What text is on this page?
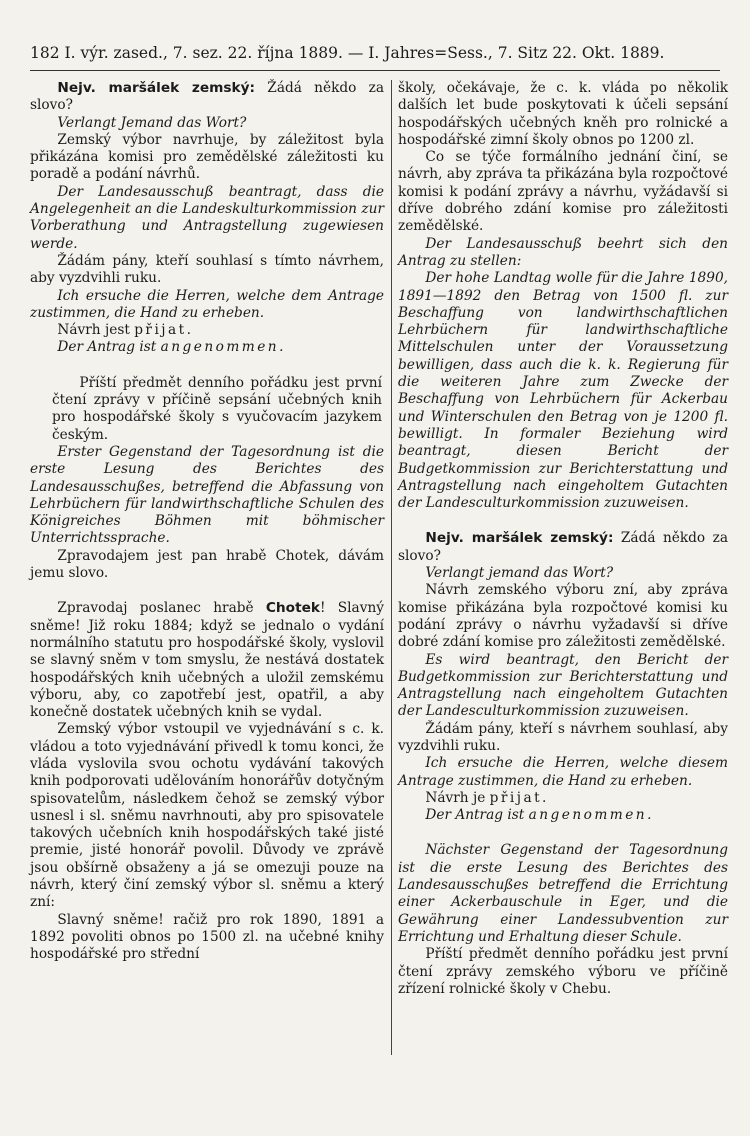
182 I. výr. zased., 7. sez. 22. října 1889. — I. Jahres=Sess., 7. Sitz 22. Okt. 1889.

Nejv. maršálek zemský: Žádá někdo za slovo?

Verlangt Jemand das Wort?

Zemský výbor navrhuje, by záležitost byla přikázána komisi pro zemědělské záležitosti ku poradě a podání návrhů.

Der Landesausschuß beantragt, dass die Angelegenheit an die Landeskulturkommission zur Vorberathung und Antragstellung zugewiesen werde.

Žádám pány, kteří souhlasí s tímto návrhem, aby vyzdvihli ruku.

Ich ersuche die Herren, welche dem Antrage zustimmen, die Hand zu erheben.

Návrh jest přijat.

Der Antrag ist angenommen.

Příští předmět denního pořádku jest první čtení zprávy v příčině sepsání učebných knih pro hospodářské školy s vyučovacím jazykem českým.

Erster Gegenstand der Tagesordnung ist die erste Lesung des Berichtes des Landesausschußes, betreffend die Abfassung von Lehrbüchern für landwirthschaftliche Schulen des Königreiches Böhmen mit böhmischer Unterrichtssprache.

Zpravodajem jest pan hrabě Chotek, dávám jemu slovo.

Zpravodaj poslanec hrabě Chotek! Slavný sněme! Již roku 1884; když se jednalo o vydání normálního statutu pro hospodářské školy, vyslovil se slavný sněm v tom smyslu, že nestává dostatek hospodářských knih učebných a uložil zemskému výboru, aby, co zapotřebí jest, opatřil, a aby konečně dostatek učebných knih se vydal.

Zemský výbor vstoupil ve vyjednávání s c. k. vládou a toto vyjednávání přivedl k tomu konci, že vláda vyslovila svou ochotu vydávání takových knih podporovati udělováním honorářův dotyčným spisovatelům, následkem čehož se zemský výbor usnesl i sl. sněmu navrhnouti, aby pro spisovatele takových učebních knih hospodářských také jisté premie, jisté honorář povolil. Důvody ve zprávě jsou obšírně obsaženy a já se omezuji pouze na návrh, který činí zemský výbor sl. sněmu a který zní:

Slavný sněme! račiž pro rok 1890, 1891 a 1892 povoliti obnos po 1500 zl. na učebné knihy hospodářské pro střední

školy, očekávaje, že c. k. vláda po několik dalších let bude poskytovati k účeli sepsání hospodářských učebných kněh pro rolnické a hospodářské zimní školy obnos po 1200 zl.

Co se týče formálního jednání činí, se návrh, aby zpráva ta přikázána byla rozpočtové komisi k podání zprávy a návrhu, vyžádavší si dříve dobrého zdání komise pro záležitosti zemědělské.

Der Landesausschuß beehrt sich den Antrag zu stellen:

Der hohe Landtag wolle für die Jahre 1890, 1891—1892 den Betrag von 1500 fl. zur Beschaffung von landwirthschaftlichen Lehrbüchern für landwirthschaftliche Mittelschulen unter der Voraussetzung bewilligen, dass auch die k. k. Regierung für die weiteren Jahre zum Zwecke der Beschaffung von Lehrbüchern für Ackerbau und Winterschulen den Betrag von je 1200 fl. bewilligt. In formaler Beziehung wird beantragt, diesen Bericht der Budgetkommission zur Berichterstattung und Antragstellung nach eingeholtem Gutachten der Landesculturkommission zuzuweisen.

Nejv. maršálek zemský: Zádá někdo za slovo?

Verlangt jemand das Wort?

Návrh zemského výboru zní, aby zpráva komise přikázána byla rozpočtové komisi ku podání zprávy o návrhu vyžadavší si dříve dobré zdání komise pro záležitosti zemědělské.

Es wird beantragt, den Bericht der Budgetkommission zur Berichterstattung und Antragstellung nach eingeholtem Gutachten der Landesculturkommission zuzuweisen.

Žádám pány, kteří s návrhem souhlasí, aby vyzdvihli ruku.

Ich ersuche die Herren, welche diesem Antrage zustimmen, die Hand zu erheben.

Návrh je přijat.

Der Antrag ist angenommen.

Nächster Gegenstand der Tagesordnung ist die erste Lesung des Berichtes des Landesausschußes betreffend die Errichtung einer Ackerbauschule in Eger, und die Gewährung einer Landessubvention zur Errichtung und Erhaltung dieser Schule.

Příští předmět denního pořádku jest první čtení zprávy zemského výboru ve příčině zřízení rolnické školy v Chebu.
